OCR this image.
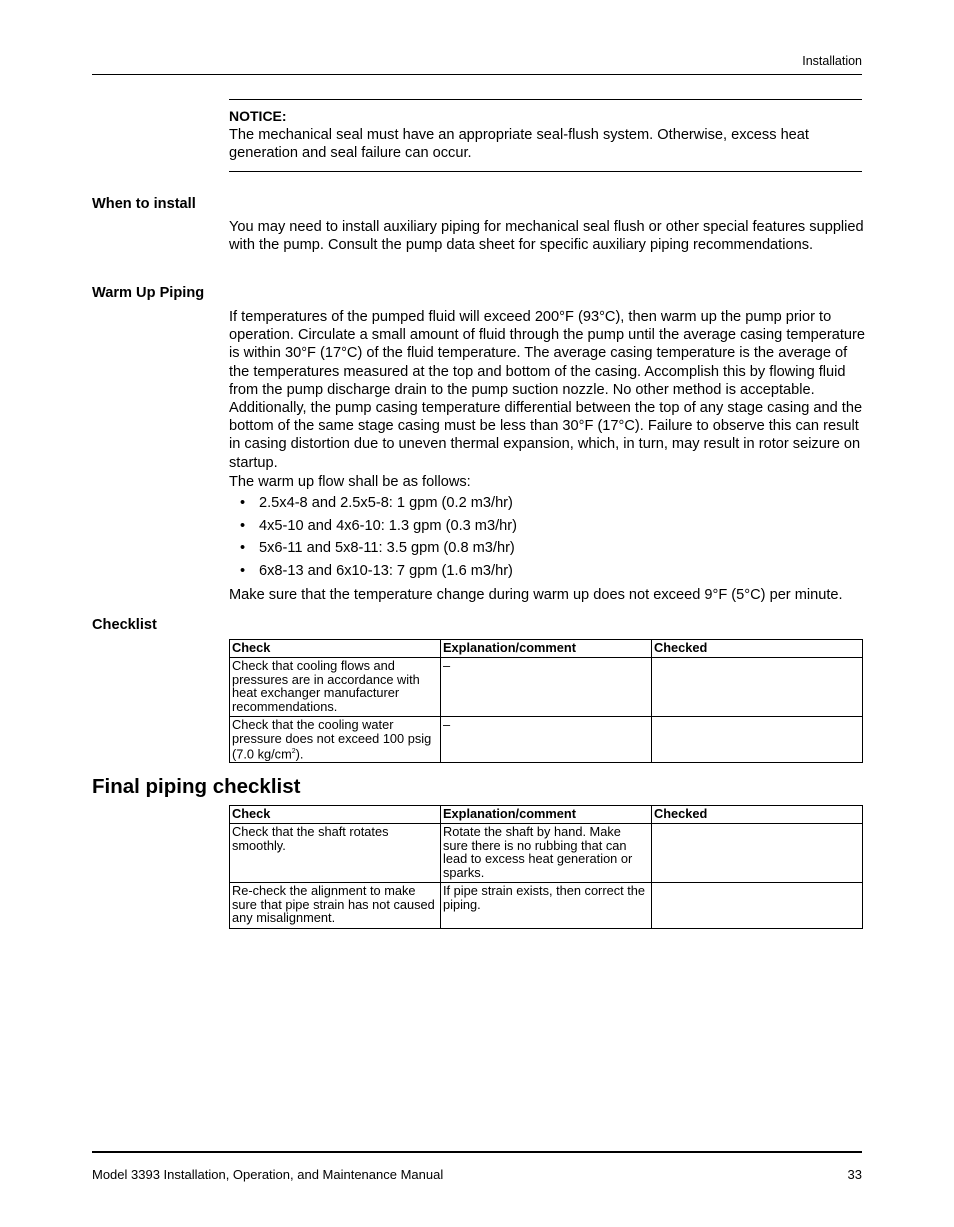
Installation
NOTICE:
The mechanical seal must have an appropriate seal-flush system. Otherwise, excess heat generation and seal failure can occur.
When to install
You may need to install auxiliary piping for mechanical seal flush or other special features supplied with the pump. Consult the pump data sheet for specific auxiliary piping recommendations.
Warm Up Piping
If temperatures of the pumped fluid will exceed 200°F (93°C), then warm up the pump prior to operation. Circulate a small amount of fluid through the pump until the average casing temperature is within 30°F (17°C) of the fluid temperature. The average casing temperature is the average of the temperatures measured at the top and bottom of the casing. Accomplish this by flowing fluid from the pump discharge drain to the pump suction nozzle. No other method is acceptable. Additionally, the pump casing temperature differential between the top of any stage casing and the bottom of the same stage casing must be less than 30°F (17°C). Failure to observe this can result in casing distortion due to uneven thermal expansion, which, in turn, may result in rotor seizure on startup.
The warm up flow shall be as follows:
• 2.5x4-8 and 2.5x5-8: 1 gpm (0.2 m3/hr)
• 4x5-10 and 4x6-10: 1.3 gpm (0.3 m3/hr)
• 5x6-11 and 5x8-11: 3.5 gpm (0.8 m3/hr)
• 6x8-13 and 6x10-13: 7 gpm (1.6 m3/hr)
Make sure that the temperature change during warm up does not exceed 9°F (5°C) per minute.
Checklist
Check	Explanation/comment	Checked
Check that cooling flows and pressures are in accordance with heat exchanger manufacturer recommendations.	–	
Check that the cooling water pressure does not exceed 100 psig (7.0 $kg/cm^2$).	–	
Final piping checklist
Check	Explanation/comment	Checked
Check that the shaft rotates smoothly.	Rotate the shaft by hand. Make sure there is no rubbing that can lead to excess heat generation or sparks.	
Re-check the alignment to make sure that pipe strain has not caused any misalignment.	If pipe strain exists, then correct the piping.	
Model 3393 Installation, Operation, and Maintenance Manual	33
